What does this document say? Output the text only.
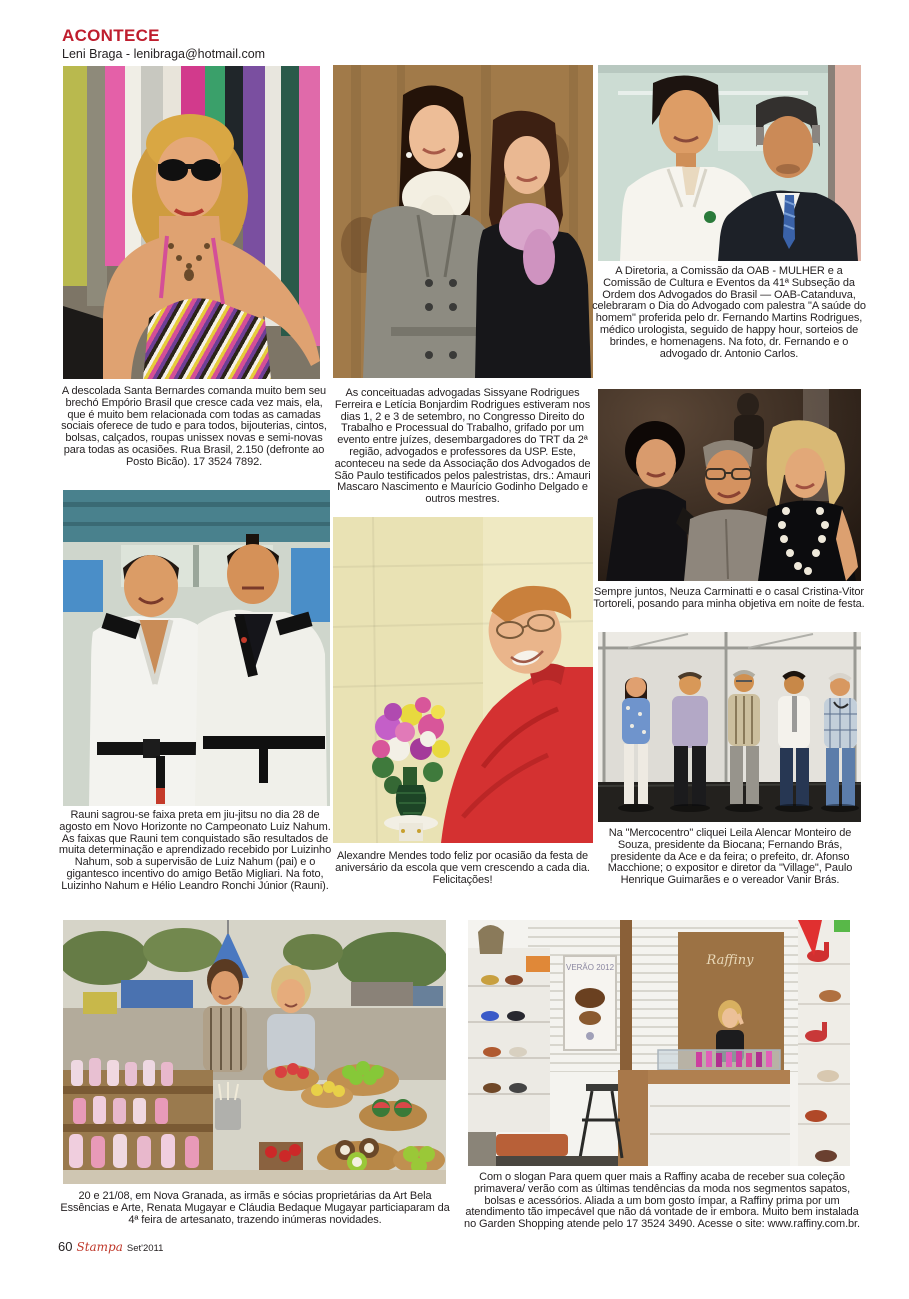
ACONTECE

Leni Braga - lenibraga@hotmail.com

A descolada Santa Bernardes comanda muito bem seu brechó Empório Brasil que cresce cada vez mais, ela, que é muito bem relacionada com todas as camadas sociais oferece de tudo e para todos, bijouterias, cintos, bolsas, calçados, roupas unissex novas e semi-novas para todas as ocasiões. Rua Brasil, 2.150 (defronte ao Posto Bicão). 17 3524 7892.

As conceituadas advogadas Sissyane Rodrigues Ferreira e Letícia Bonjardim Rodrigues estiveram nos dias 1, 2 e 3 de setembro, no Congresso Direito do Trabalho e Processual do Trabalho, grifado por um evento entre juízes, desembargadores do TRT da 2ª região, advogados e professores da USP. Este, aconteceu na sede da Associação dos Advogados de São Paulo testificados pelos palestristas, drs.: Amauri Mascaro Nascimento e Maurício Godinho Delgado e outros mestres.

A Diretoria, a Comissão da OAB - MULHER e a Comissão de Cultura e Eventos da 41ª Subseção da Ordem dos Advogados do Brasil — OAB-Catanduva, celebraram o Dia do Advogado com palestra "A saúde do homem" proferida pelo dr. Fernando Martins Rodrigues, médico urologista, seguido de happy hour, sorteios de brindes, e homenagens. Na foto, dr. Fernando e o advogado dr. Antonio Carlos.

Sempre juntos, Neuza Carminatti e o casal Cristina-Vitor Tortoreli, posando para minha objetiva em noite de festa.

Rauni sagrou-se faixa preta em jiu-jitsu no dia 28 de agosto em Novo Horizonte no Campeonato Luiz Nahum. As faixas que Rauni tem conquistado são resultados de muita determinação e aprendizado recebido por Luizinho Nahum, sob a supervisão de Luiz Nahum (pai) e o gigantesco incentivo do amigo Betão Migliari. Na foto, Luizinho Nahum e Hélio Leandro Ronchi Júnior (Rauni).

Alexandre Mendes todo feliz por ocasião da festa de aniversário da escola que vem crescendo a cada dia. Felicitações!

Na "Mercocentro" cliquei Leila Alencar Monteiro de Souza, presidente da Biocana; Fernando Brás, presidente da Ace e da feira; o prefeito, dr. Afonso Macchione; o expositor e diretor da "Village", Paulo Henrique Guimarães e o vereador Vanir Brás.

20 e 21/08, em Nova Granada, as irmãs e sócias proprietárias da Art Bela Essências e Arte, Renata Mugayar e Cláudia Bedaque Mugayar particiaparam da 4ª feira de artesanato, trazendo inúmeras novidades.

VERÃO 2012	Raffiny

Com o slogan Para quem quer mais a Raffiny acaba de receber sua coleção primavera/ verão com as últimas tendências da moda nos segmentos sapatos, bolsas e acessórios. Aliada a um bom gosto ímpar, a Raffiny prima por um atendimento tão impecável que não dá vontade de ir embora. Muito bem instalada no Garden Shopping atende pelo 17 3524 3490. Acesse o site: www.raffiny.com.br.

60 Stampa Set'2011
